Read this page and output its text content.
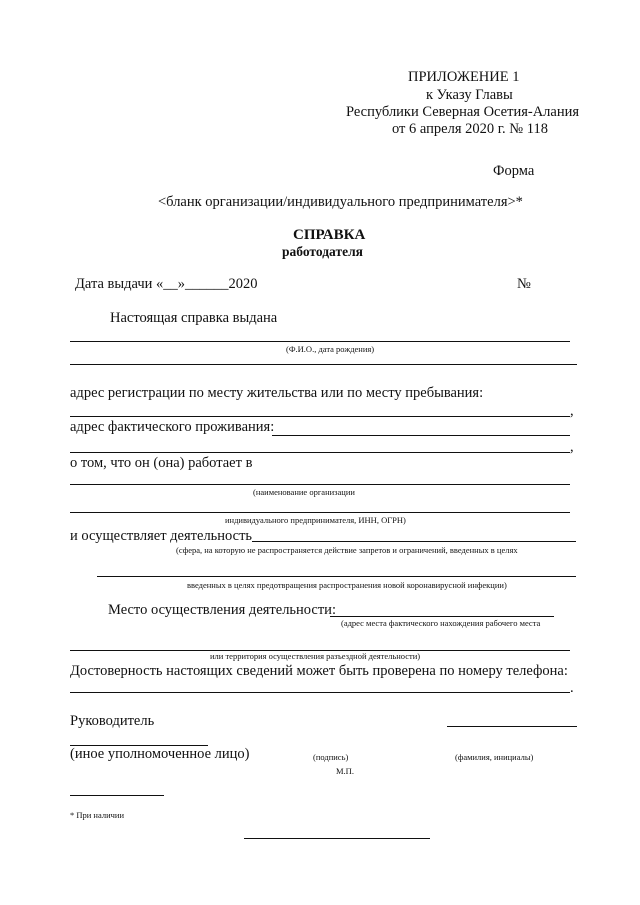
ПРИЛОЖЕНИЕ 1
к Указу Главы
Республики Северная Осетия-Алания
от 6 апреля 2020 г. № 118
Форма
<бланк организации/индивидуального предпринимателя>*
СПРАВКА
работодателя
Дата выдачи «__»______2020	№
Настоящая справка выдана
(Ф.И.О., дата рождения)
адрес регистрации по месту жительства или по месту пребывания:
,
адрес фактического проживания:
,
о том, что он (она) работает в
(наименование организации
индивидуального предпринимателя, ИНН, ОГРН)
и осуществляет деятельность
(сфера, на которую не распространяется действие запретов и ограничений, введенных в целях
введенных в целях предотвращения распространения новой коронавирусной инфекции)
Место осуществления деятельности:
(адрес места фактического нахождения рабочего места
или территория осуществления разъездной деятельности)
Достоверность настоящих сведений может быть проверена по номеру телефона:
.
Руководитель
(иное уполномоченное лицо)	(подпись)
М.П.
(фамилия, инициалы)
* При наличии
